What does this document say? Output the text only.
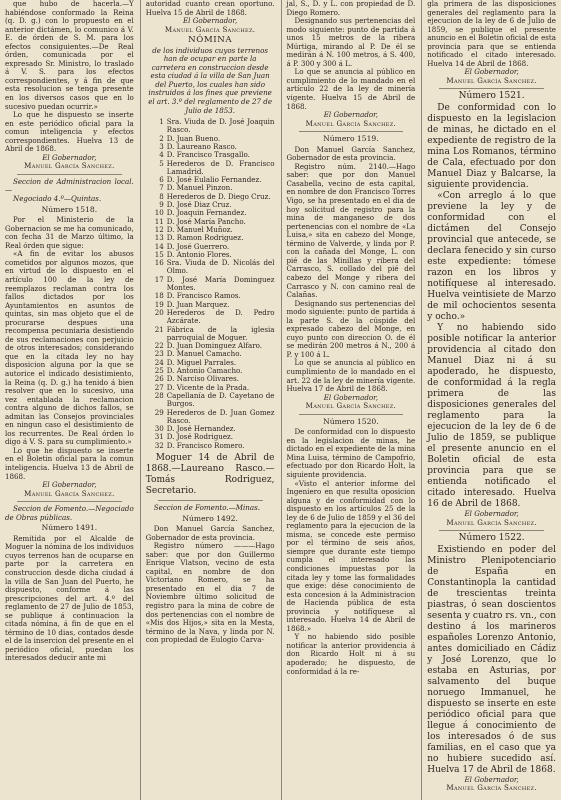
que hubo de hacerla.—Y habiéndose conformado la Reina (q. D. g.) con lo propuesto en el anterior dictámen, lo comunico á V. E. de órden de S. M. para los efectos consiguientes.—De Real órden, comunicada por el expresado Sr. Ministro, lo traslado á V. S. para los efectos correspondientes, y á fin de que esta resolucion se tenga presente en los diversos casos que en lo sucesivo puedan ocurrir.»

Lo que he dispuesto se inserte en este periódico oficial para la comun inteligencia y efectos correspondientes. Huelva 13 de Abril de 1868.

El Gobernador,

Manuel García Sanchez.

Seccion de Administracion local.—

Negociado 4.º—Quintas.

Número 1518.

Por el Ministerio de la Gobernacion se me ha comunicado, con fecha 31 de Marzo último, la Real órden que sigue:

«A fin de evitar los abusos cometidos por algunos mozos, que en virtud de lo dispuesto en el artículo 100 de la ley de reemplazos reclaman contra los fallos dictados por los Ayuntamientos en asuntos de quintas, sin mas objeto que el de procurarse despues una recompensa pecuniaria desistiendo de sus reclamaciones con perjuicio de otros interesados; considerando que en la citada ley no hay disposicion alguna por la que se autorice el indicado desistimiento, la Reina (q. D. g.) ha tenido á bien resolver que en lo sucesivo, una vez entablada la reclamacion contra alguno de dichos fallos, se admitan las Consejos provinciales en ningun caso el desistimiento de los recurrentes. De Real órden lo digo á V. S. para su cumplimiento.»

Lo que he dispuesto se inserte en el Boletin oficial para la comun inteligencia. Huelva 13 de Abril de 1868.

El Gobernador,

Manuel García Sanchez.

Seccion de Fomento.—Negociado de Obras públicas.

Número 1491.

Remitida por el Alcalde de Moguer la nómina de los individuos cuyos terrenos han de ocuparse en parte por la carretera en construccion desde dicha ciudad á la villa de San Juan del Puerto, he dispuesto, conforme á las prescripciones del art. 4.º del reglamento de 27 de Julio de 1853, se publique á continuacion la citada nómina, á fin de que en el término de 10 dias, contados desde el de la insercion del presente en el periódico oficial, puedan los interesados deducir ante mi

autoridad cuanto crean oportuno. Huelva 15 de Abril de 1868.

El Gobernador,

Manuel García Sanchez.

NÓMINA

de los individuos cuyos terrenos han de ocupar en parte la carretera en construccion desde esta ciudad á la villa de San Juan del Puerto, los cuales han sido instruidos á los fines que previene el art. 3.º del reglamento de 27 de Julio de 1853.

1 Sra. Viuda de D. José Joaquin Rasco.
2 D. Juan Bueno.
3 D. Laureano Rasco.
4 D. Francisco Trasgallo.
5 Herederos de D. Francisco Lamadrid.
6 D. José Eulalio Fernandez.
7 D. Manuel Pinzon.
8 Herederos de D. Diego Cruz.
9 D. José Diaz Cruz.
10 D. Joaquin Fernandez.
11 D. José María Pancho.
12 D. Manuel Muñoz.
13 D. Ramon Rodriguez.
14 D. José Guerrero.
15 D. Antonio Flores.
16 Sra. Viuda de D. Nicolás del Olmo.
17 D. José María Dominguez Montes.
18 D. Francisco Ramos.
19 D. Juan Marquez.
20 Herederos de D. Pedro Azcárate.
21 Fábrica de la iglesia parroquial de Moguer.
22 D. Juan Dominguez Alfaro.
23 D. Manuel Camacho.
24 D. Miguel Parrales.
25 D. Antonio Camacho.
26 D. Narciso Olivares.
27 D. Vicente de la Prada.
28 Capellanía de D. Cayetano de Burgos.
29 Herederos de D. Juan Gomez Rasco.
30 D. José Hernandez.
31 D. José Rodriguez.
32 D. Francisco Romero.

Moguer 14 de Abril de 1868.—Laureano Rasco.—Tomás Rodriguez, Secretario.

Seccion de Fomento.—Minas.

Número 1492.

Don Manuel García Sanchez, Gobernador de esta provincia.

Registro número ———Hago saber: que por don Guillermo Enrique Vlatson, vecino de esta capital, en nombre de don Victoriano Romero, se ha presentado en el dia 7 de Noviembre último solicitud de registro para la mina de cobre de dos pertenencias con el nombre de «Mis dos Hijos,» sita en la Mesta, término de la Nava, y linda por N. con propiedad de Eulogio Carva-

jal, S., D. y L. con propiedad de D. Diego Romero.

Designando sus pertenencias del modo siguiente: punto de partida á unos 15 metros de la ribera Múrtiga, mirando al P. De él se medirán á N. 100 metros, á S. 400, á P. 300 y 300 á L.

Lo que se anuncia al público en cumplimiento de lo mandado en el artículo 22 de la ley de minería vigente. Huelva 15 de Abril de 1868.

El Gobernador,

Manuel García Sanchez.

Número 1519.

Don Manuel García Sanchez, Gobernador de esta provincia.

Registro núm. 2140.—Hago saber: que por don Manuel Casabella, vecino de esta capital, en nombre de don Francisco Torres Vigo, se ha presentado en el dia de hoy solicitud de registro para la mina de manganeso de dos pertenencias con el nombre de «La Luisa,» sita en cabezo del Monge, término de Valverde, y linda por P. con la cañada del Monge, L. con pié de las Minillas y ribera del Carrasco, S. collado del pié del cabezo del Monge y ribera del Carrasco y N. con camino real de Calañas.

Designando sus pertenencias del modo siguiente: punto de partida á la parte S. de la cúspide del expresado cabezo del Monge, en cuyo punto con direccion O. de él se medirán 200 metros á N., 200 á P. y 100 á L.

Lo que se anuncia al público en cumplimiento de lo mandado en el art. 22 de la ley de minería vigente. Huelva 17 de Abril de 1868.

El Gobernador,

Manuel García Sanchez.

Número 1520.

De conformidad con lo dispuesto en la legislacion de minas, he dictado en el expediente de la mina Mina Luisa, término de Campofrio, efectuado por don Ricardo Holt, la siguiente providencia.

«Visto el anterior informe del Ingeniero en que resulta oposicion alguna y de conformidad con lo dispuesto en los artículos 25 de la ley de 6 de Julio de 1859 y el 36 del reglamento para la ejecucion de la misma, se concede este permiso por el término de seis años, siempre que durante este tiempo cumpla el interesado las condiciones impuestas por la citada ley y tome las formalidades que exige: dése conocimiento de esta concesion á la Administracion de Hacienda pública de esta provincia y notifíquese al interesado. Huelva 14 de Abril de 1868.»

Y no habiendo sido posible notificar la anterior providencia á don Ricardo Holt ni á su apoderado; he dispuesto, de conformidad á la re-

gla primera de las disposiciones generales del reglamento para la ejecucion de la ley de 6 de Julio de 1859, se publique el presente anuncio en el Boletin oficial de esta provincia para que se entienda notificado el citado interesado. Huelva 14 de Abril de 1868.

El Gobernador,

Manuel García Sanchez.

Número 1521.

De conformidad con lo dispuesto en la legislacion de minas, he dictado en el expediente de registro de la mina Los Romanos, término de Cala, efectuado por don Manuel Diaz y Balcarse, la siguiente providencia.

«Con arreglo á lo que previene la ley y de conformidad con el dictámen del Consejo provincial que antecede, se declara fenecido y sin curso este expediente: tómese razon en los libros y notifíquese al interesado. Huelva veintisiete de Marzo de mil ochocientos sesenta y ocho.»

Y no habiendo sido posible notificar la anterior providencia al citado don Manuel Diaz ni á su apoderado, he dispuesto, de conformidad á la regla primera de las disposiciones generales del reglamento para la ejecucion de la ley de 6 de Julio de 1859, se publique el presente anuncio en el Boletin oficial de esta provincia para que se entienda notificado el citado interesado. Huelva 16 de Abril de 1868.

El Gobernador,

Manuel García Sanchez.

Número 1522.

Existiendo en poder del Ministro Plenipotenciario de España en Constantinopla la cantidad de trescientas treinta piastras, ó sean doscientos sesenta y cuatro rs. vn., con destino á los marineros españoles Lorenzo Antonio, antes domiciliado en Cádiz y José Lorenzo, que lo estaba en Asturias, por salvamento del buque noruego Immanuel, he dispuesto se inserte en este periódico oficial para que llegue á conocimiento de los interesados ó de sus familias, en el caso que ya no hubiere sucedido así. Huelva 17 de Abril de 1868.

El Gobernador,

Manuel García Sanchez.
